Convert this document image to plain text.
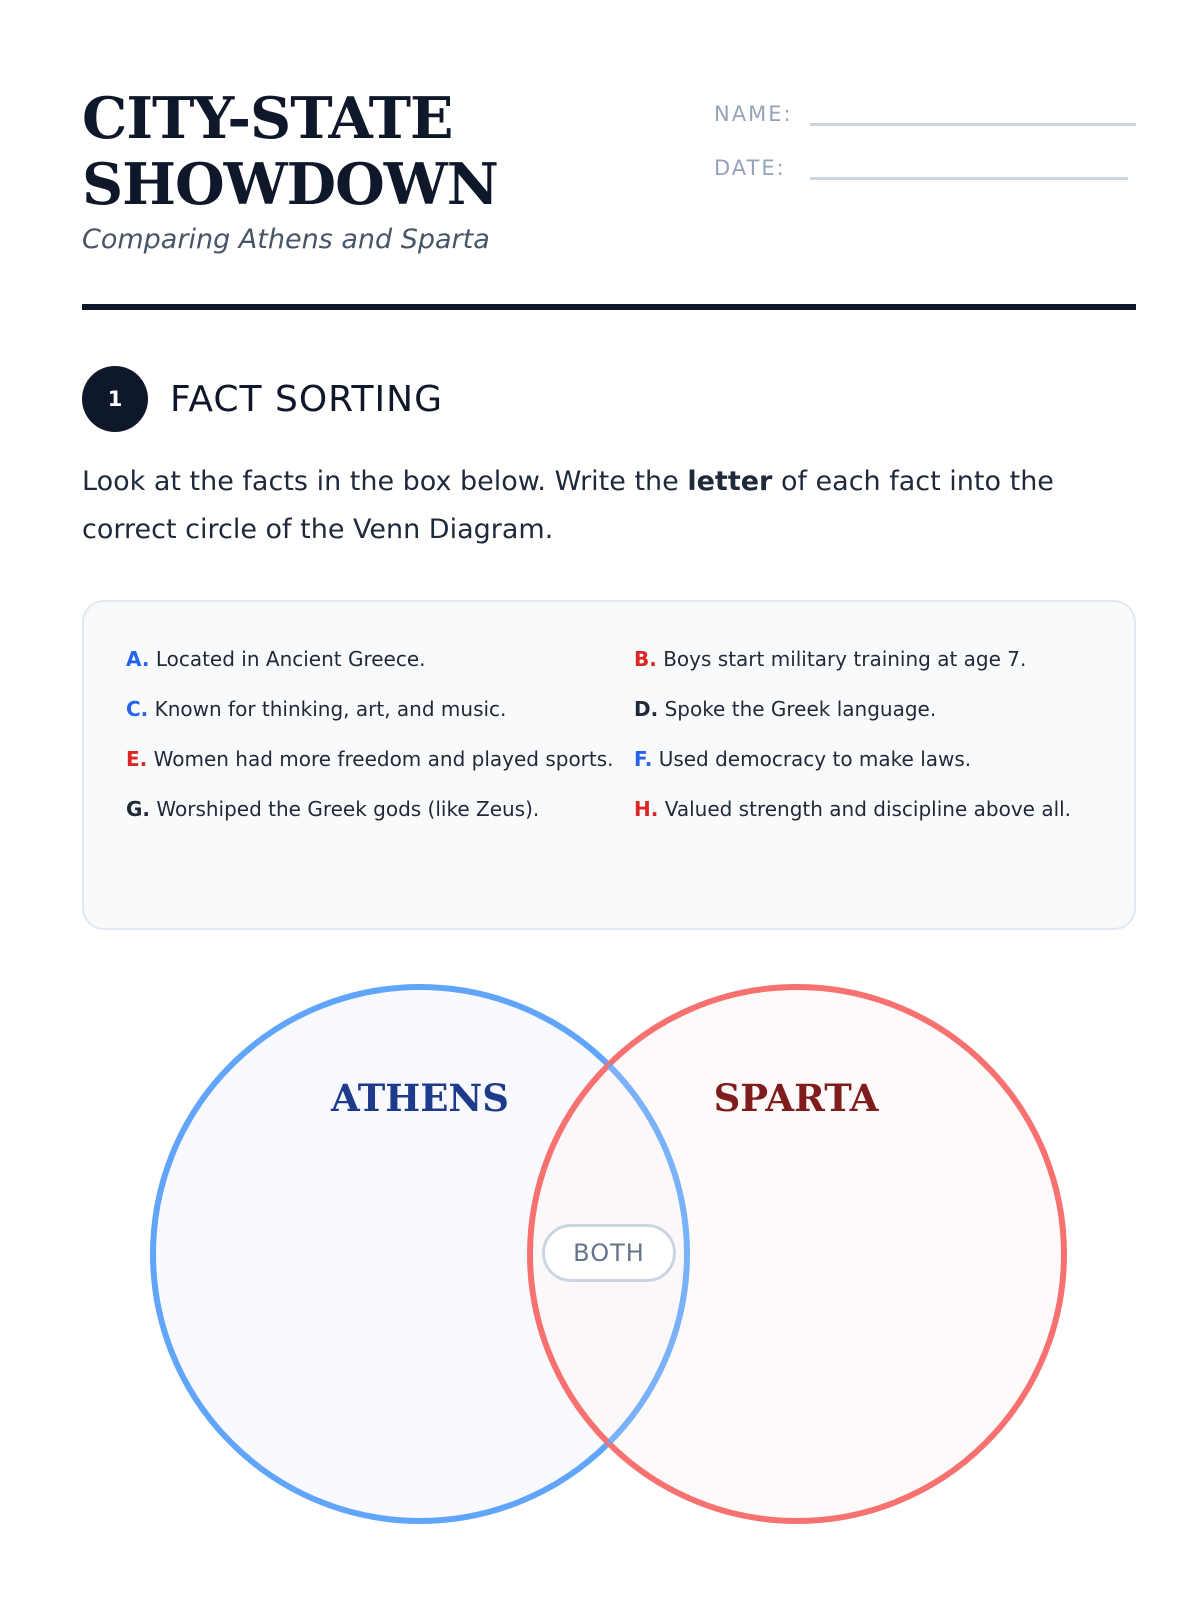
CITY-STATE
SHOWDOWN
Comparing Athens and Sparta
NAME:
DATE:
1	FACT SORTING
Look at the facts in the box below. Write the letter of each fact into the correct circle of the Venn Diagram.
A. Located in Ancient Greece.	B. Boys start military training at age 7.
C. Known for thinking, art, and music.	D. Spoke the Greek language.
E. Women had more freedom and played sports.	F. Used democracy to make laws.
G. Worshiped the Greek gods (like Zeus).	H. Valued strength and discipline above all.
ATHENS	SPARTA
BOTH
